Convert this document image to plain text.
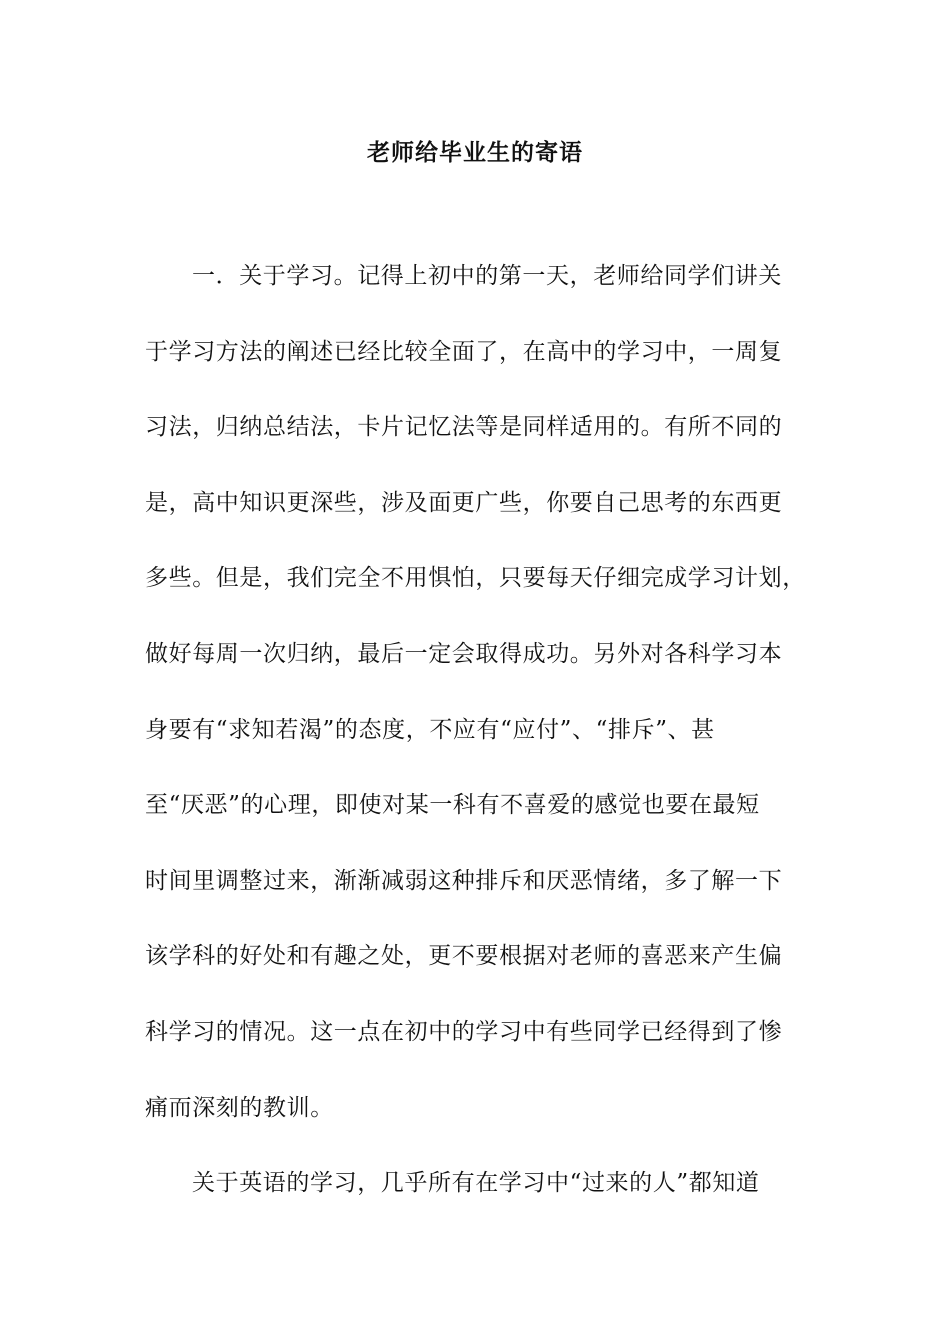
老师给毕业生的寄语
一．关于学习。记得上初中的第一天，老师给同学们讲关
于学习方法的阐述已经比较全面了，在高中的学习中，一周复
习法，归纳总结法，卡片记忆法等是同样适用的。有所不同的
是，高中知识更深些，涉及面更广些，你要自己思考的东西更
多些。但是，我们完全不用惧怕，只要每天仔细完成学习计划，
做好每周一次归纳，最后一定会取得成功。另外对各科学习本
身要有“求知若渴”的态度，不应有“应付”、“排斥”、甚
至“厌恶”的心理，即使对某一科有不喜爱的感觉也要在最短
时间里调整过来，渐渐减弱这种排斥和厌恶情绪，多了解一下
该学科的好处和有趣之处，更不要根据对老师的喜恶来产生偏
科学习的情况。这一点在初中的学习中有些同学已经得到了惨
痛而深刻的教训。
关于英语的学习，几乎所有在学习中“过来的人”都知道
